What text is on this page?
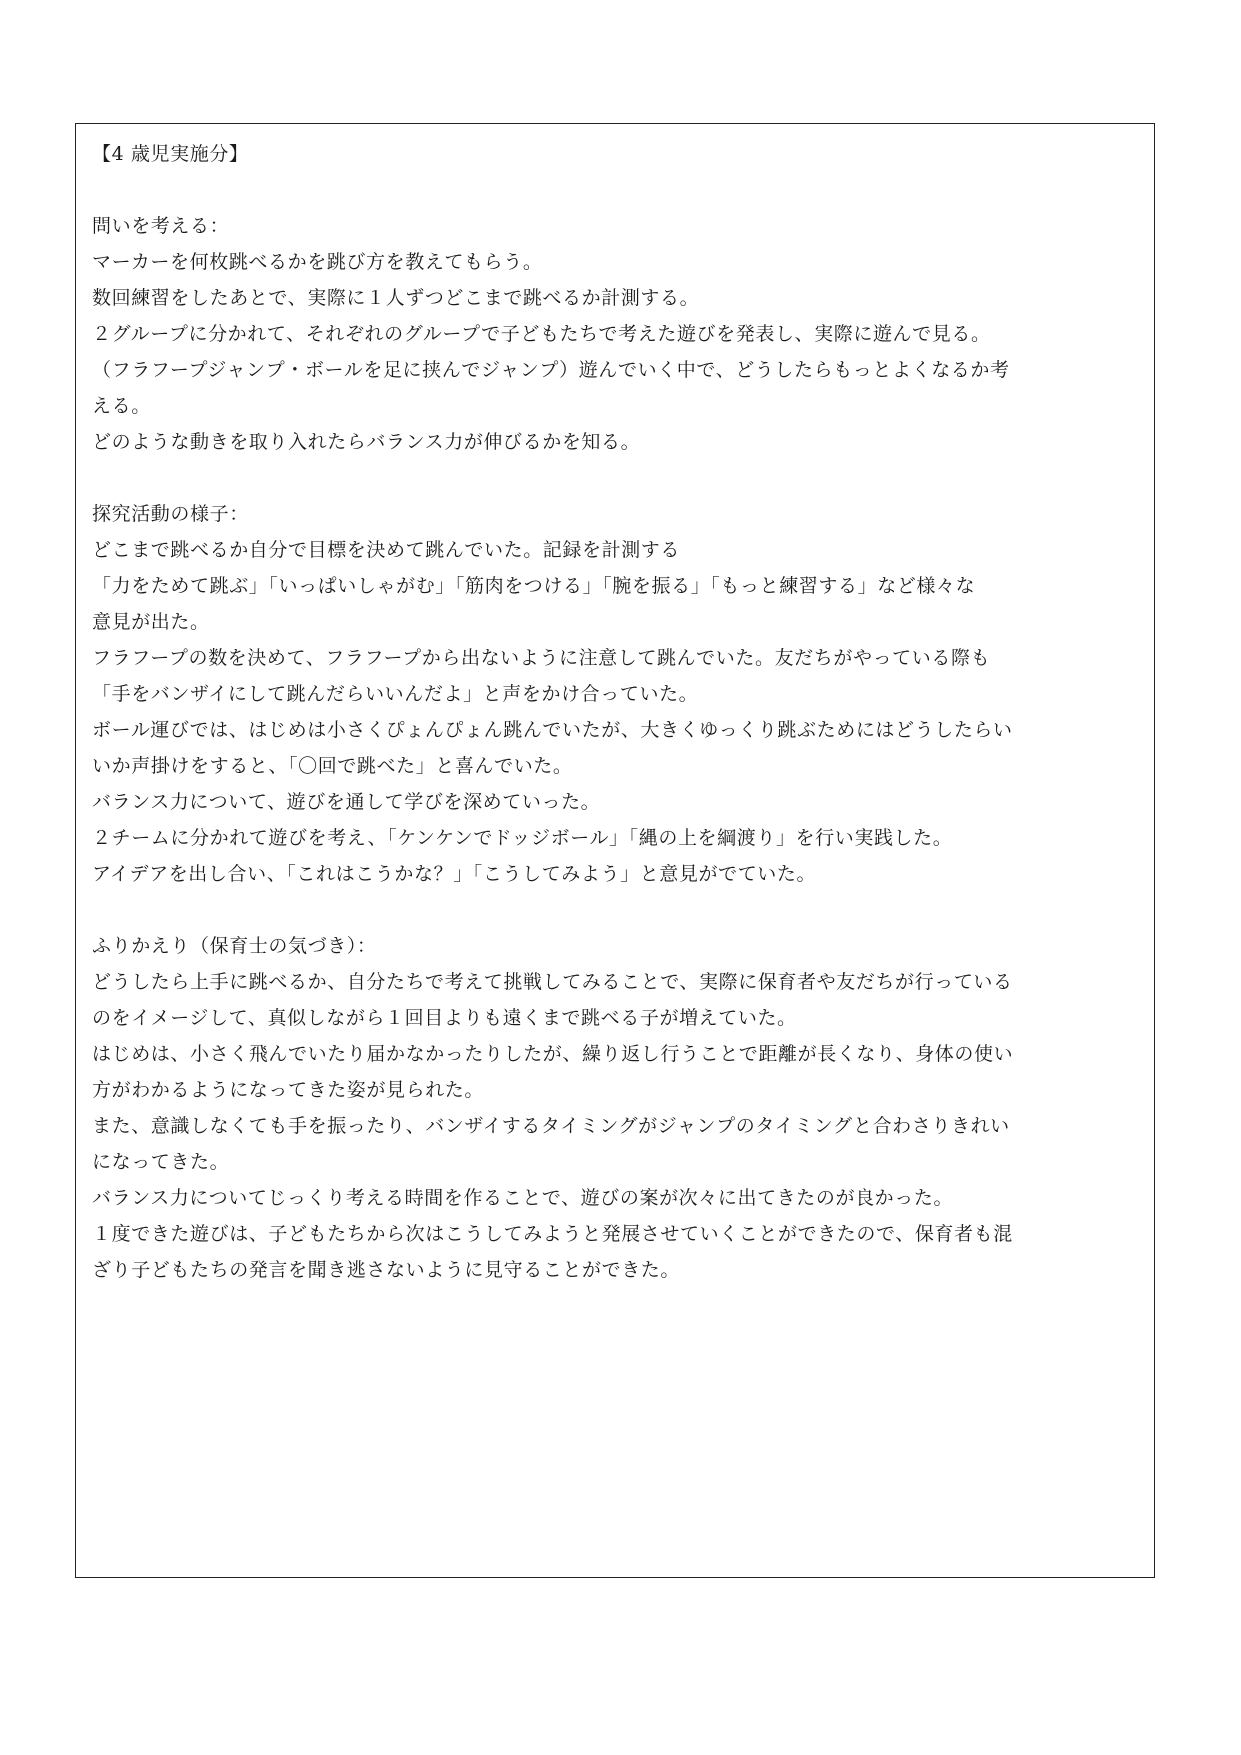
【4 歳児実施分】
問いを考える：
マーカーを何枚跳べるかを跳び方を教えてもらう。
数回練習をしたあとで、実際に１人ずつどこまで跳べるか計測する。
２グループに分かれて、それぞれのグループで子どもたちで考えた遊びを発表し、実際に遊んで見る。
（フラフープジャンプ・ボールを足に挟んでジャンプ）遊んでいく中で、どうしたらもっとよくなるか考
える。
どのような動きを取り入れたらバランス力が伸びるかを知る。
探究活動の様子：
どこまで跳べるか自分で目標を決めて跳んでいた。記録を計測する
「力をためて跳ぶ」「いっぱいしゃがむ」「筋肉をつける」「腕を振る」「もっと練習する」など様々な
意見が出た。
フラフープの数を決めて、フラフープから出ないように注意して跳んでいた。友だちがやっている際も
「手をバンザイにして跳んだらいいんだよ」と声をかけ合っていた。
ボール運びでは、はじめは小さくぴょんぴょん跳んでいたが、大きくゆっくり跳ぶためにはどうしたらい
いか声掛けをすると、「〇回で跳べた」と喜んでいた。
バランス力について、遊びを通して学びを深めていった。
２チームに分かれて遊びを考え、「ケンケンでドッジボール」「縄の上を綱渡り」を行い実践した。
アイデアを出し合い、「これはこうかな？」「こうしてみよう」と意見がでていた。
ふりかえり（保育士の気づき）：
どうしたら上手に跳べるか、自分たちで考えて挑戦してみることで、実際に保育者や友だちが行っている
のをイメージして、真似しながら１回目よりも遠くまで跳べる子が増えていた。
はじめは、小さく飛んでいたり届かなかったりしたが、繰り返し行うことで距離が長くなり、身体の使い
方がわかるようになってきた姿が見られた。
また、意識しなくても手を振ったり、バンザイするタイミングがジャンプのタイミングと合わさりきれい
になってきた。
バランス力についてじっくり考える時間を作ることで、遊びの案が次々に出てきたのが良かった。
１度できた遊びは、子どもたちから次はこうしてみようと発展させていくことができたので、保育者も混
ざり子どもたちの発言を聞き逃さないように見守ることができた。
